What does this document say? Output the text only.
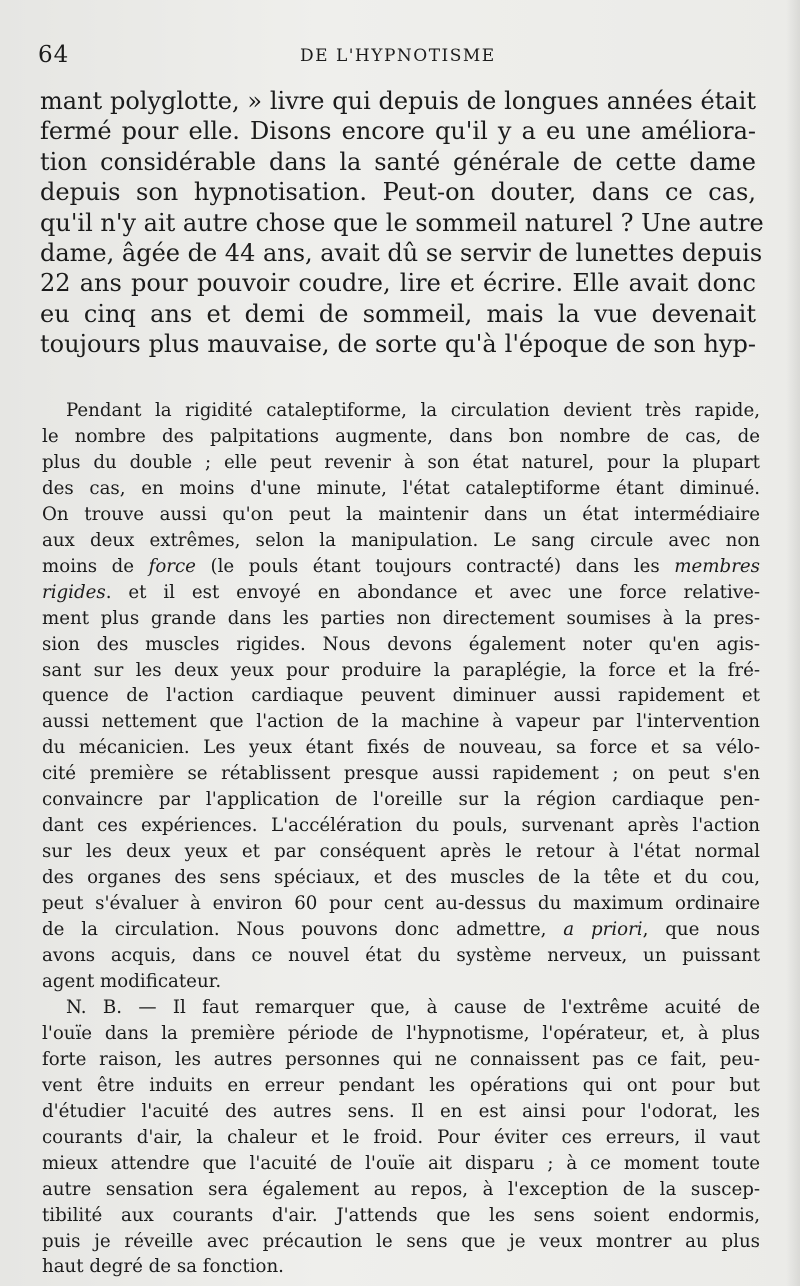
64	DE L'HYPNOTISME
mant polyglotte, » livre qui depuis de longues années était
fermé pour elle. Disons encore qu'il y a eu une améliora-
tion considérable dans la santé générale de cette dame
depuis son hypnotisation. Peut-on douter, dans ce cas,
qu'il n'y ait autre chose que le sommeil naturel ? Une autre
dame, âgée de 44 ans, avait dû se servir de lunettes depuis
22 ans pour pouvoir coudre, lire et écrire. Elle avait donc
eu cinq ans et demi de sommeil, mais la vue devenait
toujours plus mauvaise, de sorte qu'à l'époque de son hyp-
Pendant la rigidité cataleptiforme, la circulation devient très rapide,
le nombre des palpitations augmente, dans bon nombre de cas, de
plus du double ; elle peut revenir à son état naturel, pour la plupart
des cas, en moins d'une minute, l'état cataleptiforme étant diminué.
On trouve aussi qu'on peut la maintenir dans un état intermédiaire
aux deux extrêmes, selon la manipulation. Le sang circule avec non
moins de force (le pouls étant toujours contracté) dans les membres
rigides. et il est envoyé en abondance et avec une force relative-
ment plus grande dans les parties non directement soumises à la pres-
sion des muscles rigides. Nous devons également noter qu'en agis-
sant sur les deux yeux pour produire la paraplégie, la force et la fré-
quence de l'action cardiaque peuvent diminuer aussi rapidement et
aussi nettement que l'action de la machine à vapeur par l'intervention
du mécanicien. Les yeux étant fixés de nouveau, sa force et sa vélo-
cité première se rétablissent presque aussi rapidement ; on peut s'en
convaincre par l'application de l'oreille sur la région cardiaque pen-
dant ces expériences. L'accélération du pouls, survenant après l'action
sur les deux yeux et par conséquent après le retour à l'état normal
des organes des sens spéciaux, et des muscles de la tête et du cou,
peut s'évaluer à environ 60 pour cent au-dessus du maximum ordinaire
de la circulation. Nous pouvons donc admettre, a priori, que nous
avons acquis, dans ce nouvel état du système nerveux, un puissant
agent modificateur.
N. B. — Il faut remarquer que, à cause de l'extrême acuité de
l'ouïe dans la première période de l'hypnotisme, l'opérateur, et, à plus
forte raison, les autres personnes qui ne connaissent pas ce fait, peu-
vent être induits en erreur pendant les opérations qui ont pour but
d'étudier l'acuité des autres sens. Il en est ainsi pour l'odorat, les
courants d'air, la chaleur et le froid. Pour éviter ces erreurs, il vaut
mieux attendre que l'acuité de l'ouïe ait disparu ; à ce moment toute
autre sensation sera également au repos, à l'exception de la suscep-
tibilité aux courants d'air. J'attends que les sens soient endormis,
puis je réveille avec précaution le sens que je veux montrer au plus
haut degré de sa fonction.
